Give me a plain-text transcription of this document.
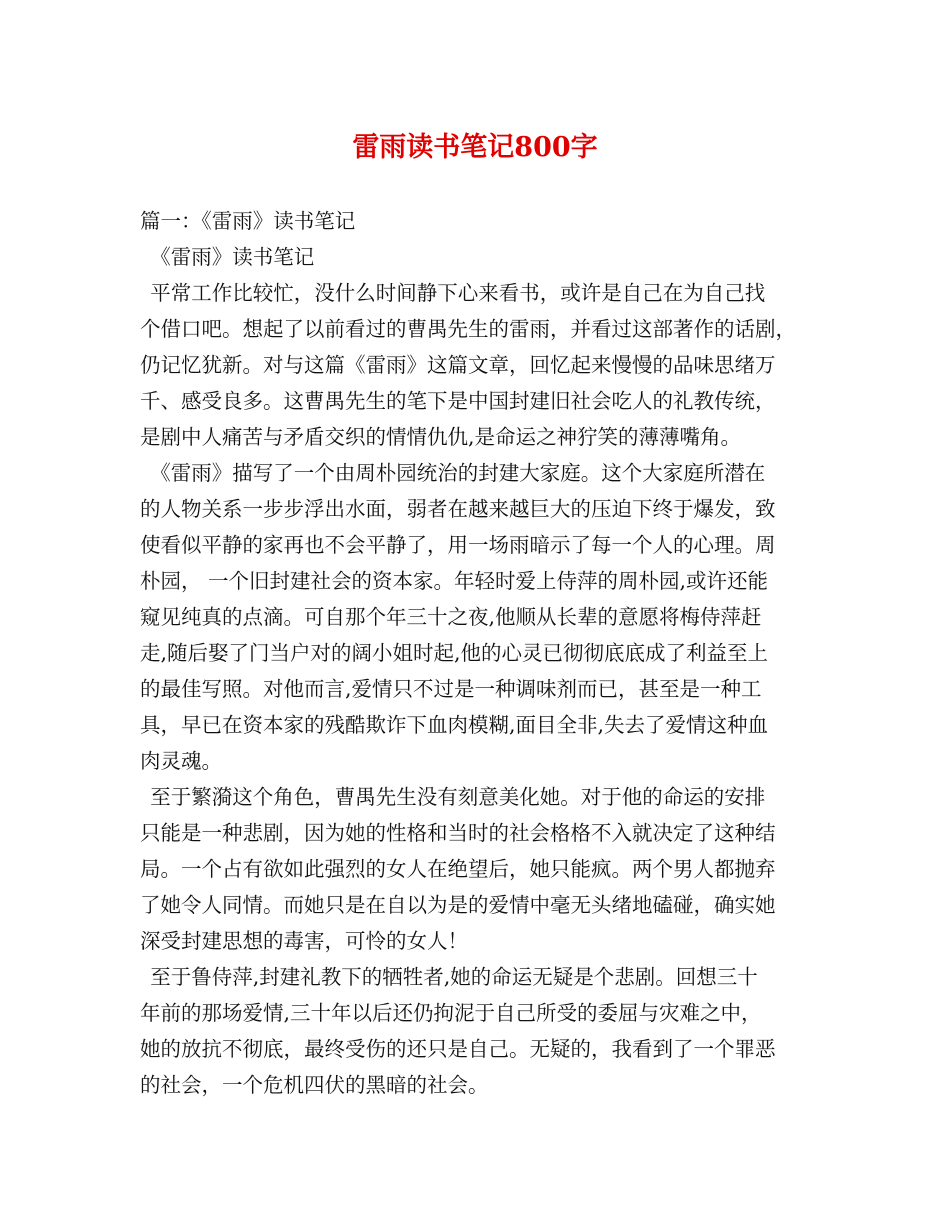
雷雨读书笔记800字
篇一：《雷雨》读书笔记
《雷雨》读书笔记
平常工作比较忙，没什么时间静下心来看书，或许是自己在为自己找
个借口吧。想起了以前看过的曹禺先生的雷雨，并看过这部著作的话剧，
仍记忆犹新。对与这篇《雷雨》这篇文章，回忆起来慢慢的品味思绪万
千、感受良多。这曹禺先生的笔下是中国封建旧社会吃人的礼教传统，
是剧中人痛苦与矛盾交织的情情仇仇,是命运之神狞笑的薄薄嘴角。
《雷雨》描写了一个由周朴园统治的封建大家庭。这个大家庭所潜在
的人物关系一步步浮出水面，弱者在越来越巨大的压迫下终于爆发，致
使看似平静的家再也不会平静了，用一场雨暗示了每一个人的心理。周
朴园， 一个旧封建社会的资本家。年轻时爱上侍萍的周朴园,或许还能
窥见纯真的点滴。可自那个年三十之夜,他顺从长辈的意愿将梅侍萍赶
走,随后娶了门当户对的阔小姐时起,他的心灵已彻彻底底成了利益至上
的最佳写照。对他而言,爱情只不过是一种调味剂而已，甚至是一种工
具，早已在资本家的残酷欺诈下血肉模糊,面目全非,失去了爱情这种血
肉灵魂。
至于繁漪这个角色，曹禺先生没有刻意美化她。对于他的命运的安排
只能是一种悲剧，因为她的性格和当时的社会格格不入就决定了这种结
局。一个占有欲如此强烈的女人在绝望后，她只能疯。两个男人都抛弃
了她令人同情。而她只是在自以为是的爱情中毫无头绪地磕碰，确实她
深受封建思想的毒害，可怜的女人！
至于鲁侍萍,封建礼教下的牺牲者,她的命运无疑是个悲剧。回想三十
年前的那场爱情,三十年以后还仍拘泥于自己所受的委屈与灾难之中，
她的放抗不彻底，最终受伤的还只是自己。无疑的，我看到了一个罪恶
的社会，一个危机四伏的黑暗的社会。
